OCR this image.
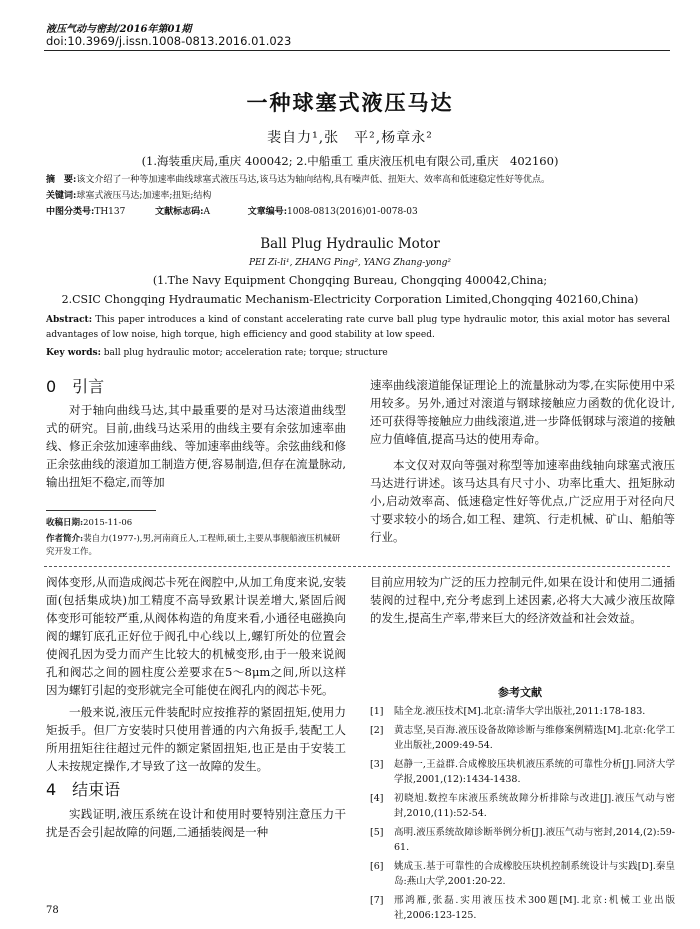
液压气动与密封/2016年第01期
doi:10.3969/j.issn.1008-0813.2016.01.023
一种球塞式液压马达
裴自力¹,张　平²,杨章永²
(1.海装重庆局,重庆 400042; 2.中船重工 重庆液压机电有限公司,重庆　402160)
摘　要:该文介绍了一种等加速率曲线球塞式液压马达,该马达为轴向结构,具有噪声低、扭矩大、效率高和低速稳定性好等优点。
关键词:球塞式液压马达;加速率;扭矩;结构
中图分类号:TH137	文献标志码:A	文章编号:1008-0813(2016)01-0078-03
Ball Plug Hydraulic Motor
PEI Zi-li¹, ZHANG Ping², YANG Zhang-yong²
(1.The Navy Equipment Chongqing Bureau, Chongqing 400042,China;
2.CSIC Chongqing Hydraumatic Mechanism-Electricity Corporation Limited,Chongqing 402160,China)
Abstract: This paper introduces a kind of constant accelerating rate curve ball plug type hydraulic motor, this axial motor has several advantages of low noise, high torque, high efficiency and good stability at low speed.
Key words: ball plug hydraulic motor; acceleration rate; torque; structure
0　引言

对于轴向曲线马达,其中最重要的是对马达滚道曲线型式的研究。目前,曲线马达采用的曲线主要有余弦加速率曲线、修正余弦加速率曲线、等加速率曲线等。余弦曲线和修正余弦曲线的滚道加工制造方便,容易制造,但存在流量脉动,输出扭矩不稳定,而等加

速率曲线滚道能保证理论上的流量脉动为零,在实际使用中采用较多。另外,通过对滚道与钢球接触应力函数的优化设计,还可获得等接触应力曲线滚道,进一步降低钢球与滚道的接触应力值峰值,提高马达的使用寿命。

本文仅对双向等强对称型等加速率曲线轴向球塞式液压马达进行讲述。该马达具有尺寸小、功率比重大、扭矩脉动小,启动效率高、低速稳定性好等优点,广泛应用于对径向尺寸要求较小的场合,如工程、建筑、行走机械、矿山、船舶等行业。

收稿日期:2015-11-06
作者简介:裴自力(1977-),男,河南商丘人,工程师,硕士,主要从事舰船液压机械研究开发工作。

阀体变形,从而造成阀芯卡死在阀腔中,从加工角度来说,安装面(包括集成块)加工精度不高导致累计误差增大,紧固后阀体变形可能较严重,从阀体构造的角度来看,小通径电磁换向阀的螺钉底孔正好位于阀孔中心线以上,螺钉所处的位置会使阀孔因为受力而产生比较大的机械变形,由于一般来说阀孔和阀芯之间的圆柱度公差要求在5～8μm之间,所以这样因为螺钉引起的变形就完全可能使在阀孔内的阀芯卡死。

一般来说,液压元件装配时应按推荐的紧固扭矩,使用力矩扳手。但厂方安装时只使用普通的内六角扳手,装配工人所用扭矩往往超过元件的额定紧固扭矩,也正是由于安装工人未按规定操作,才导致了这一故障的发生。

4　结束语

实践证明,液压系统在设计和使用时要特别注意压力干扰是否会引起故障的问题,二通插装阀是一种

目前应用较为广泛的压力控制元件,如果在设计和使用二通插装阀的过程中,充分考虑到上述因素,必将大大减少液压故障的发生,提高生产率,带来巨大的经济效益和社会效益。

参考文献
[1] 陆全龙.液压技术[M].北京:清华大学出版社,2011:178-183.
[2] 黄志坚,吴百海.液压设备故障诊断与维修案例精选[M].北京:化学工业出版社,2009:49-54.
[3] 赵静一,王益群.合成橡胶压块机液压系统的可靠性分析[J].同济大学学报,2001,(12):1434-1438.
[4] 初晓旭.数控车床液压系统故障分析排除与改进[J].液压气动与密封,2010,(11):52-54.
[5] 高明.液压系统故障诊断举例分析[J].液压气动与密封,2014,(2):59-61.
[6] 姚成玉.基于可靠性的合成橡胶压块机控制系统设计与实践[D].秦皇岛:燕山大学,2001:20-22.
[7] 邢鸿雁,张磊.实用液压技术300题[M].北京:机械工业出版社,2006:123-125.
78
